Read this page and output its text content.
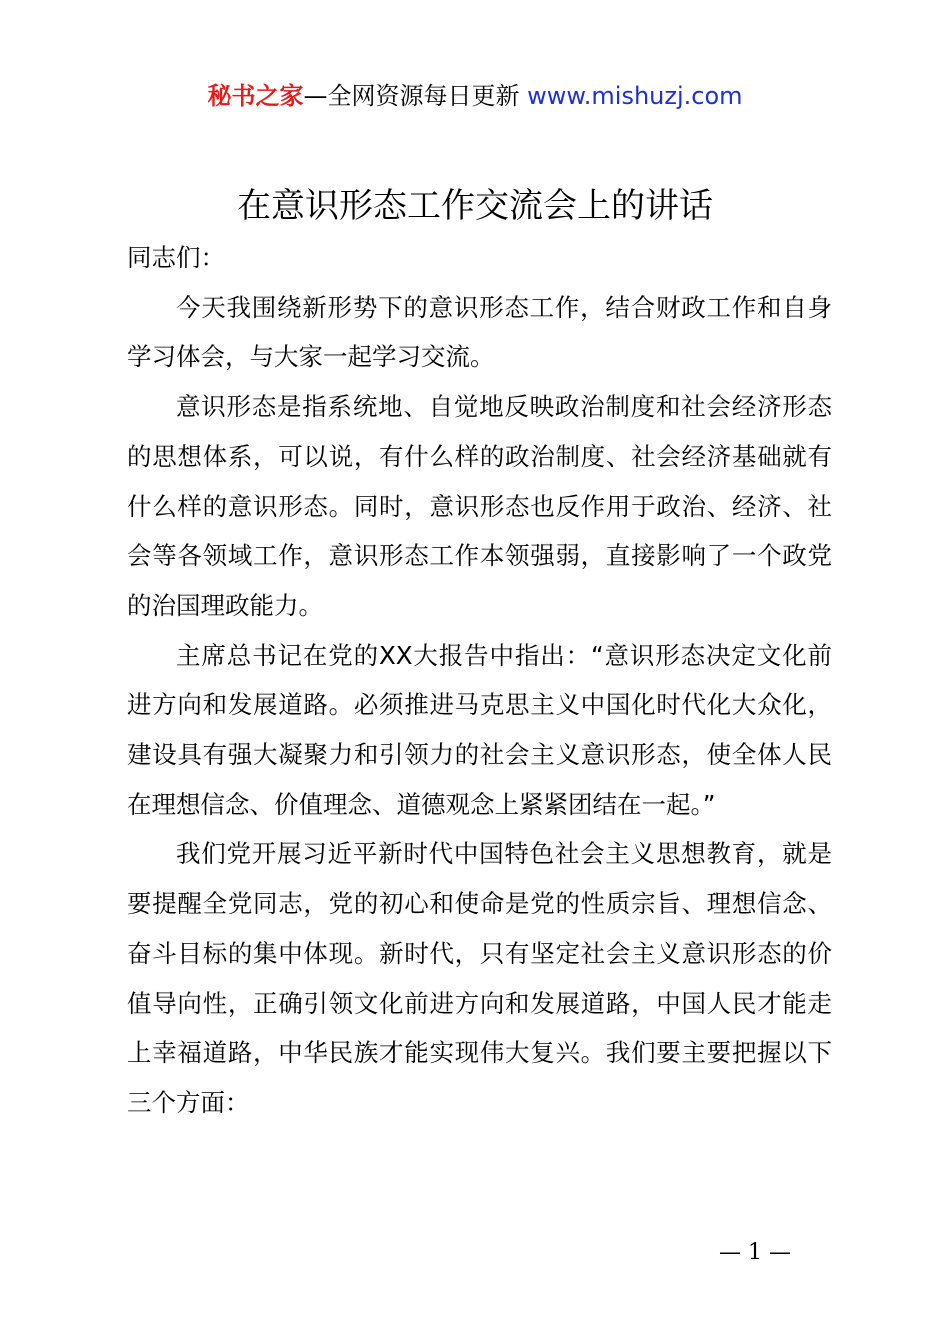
秘书之家—全网资源每日更新 www.mishuzj.com
在意识形态工作交流会上的讲话

同志们：

今天我围绕新形势下的意识形态工作，结合财政工作和自身学习体会，与大家一起学习交流。

意识形态是指系统地、自觉地反映政治制度和社会经济形态的思想体系，可以说，有什么样的政治制度、社会经济基础就有什么样的意识形态。同时，意识形态也反作用于政治、经济、社会等各领域工作，意识形态工作本领强弱，直接影响了一个政党的治国理政能力。

主席总书记在党的XX大报告中指出：“意识形态决定文化前进方向和发展道路。必须推进马克思主义中国化时代化大众化，建设具有强大凝聚力和引领力的社会主义意识形态，使全体人民在理想信念、价值理念、道德观念上紧紧团结在一起。”

我们党开展习近平新时代中国特色社会主义思想教育，就是要提醒全党同志，党的初心和使命是党的性质宗旨、理想信念、奋斗目标的集中体现。新时代，只有坚定社会主义意识形态的价值导向性，正确引领文化前进方向和发展道路，中国人民才能走上幸福道路，中华民族才能实现伟大复兴。我们要主要把握以下三个方面：

— 1 —
